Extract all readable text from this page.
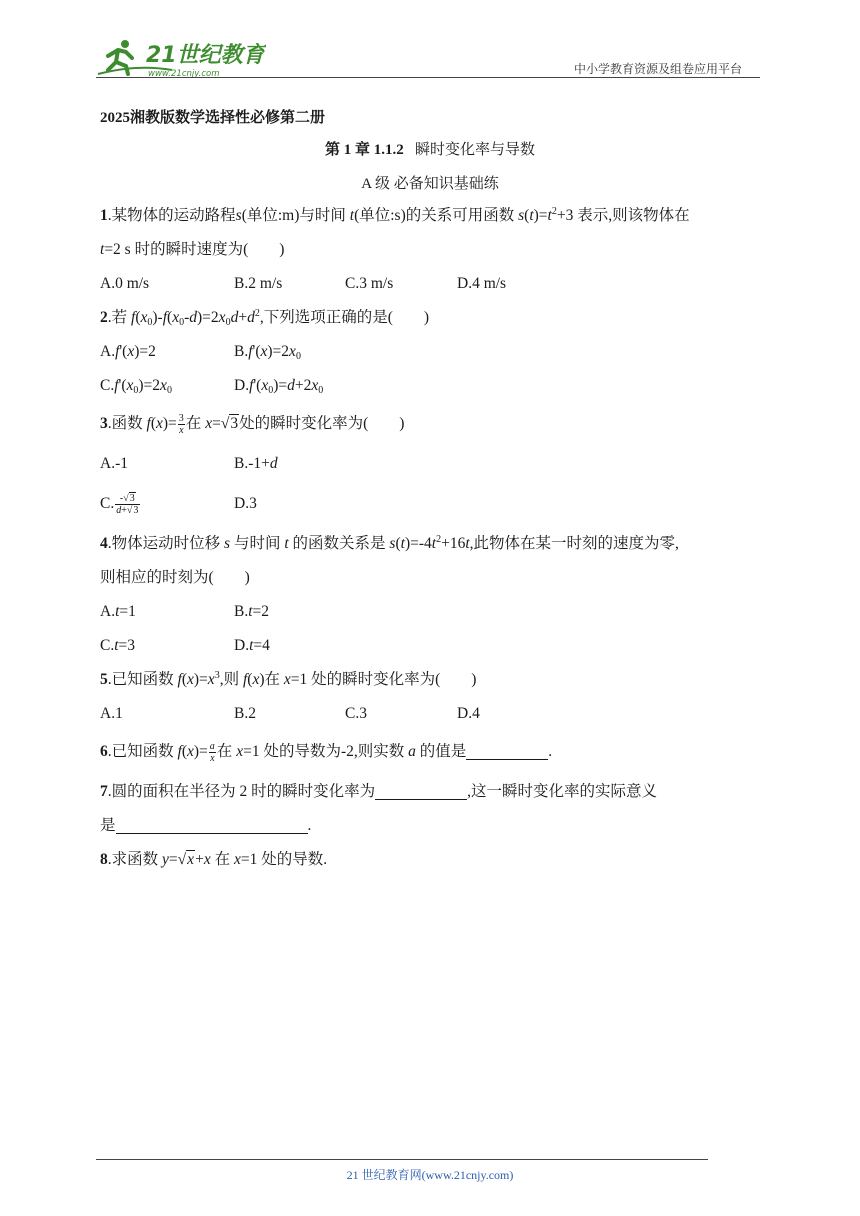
21世纪教育
www.21cnjy.com	中小学教育资源及组卷应用平台
2025湘教版数学选择性必修第二册
第 1 章 1.1.2 瞬时变化率与导数
A 级 必备知识基础练
1.某物体的运动路程s(单位:m)与时间 t(单位:s)的关系可用函数 $s(t)=t^2+3$ 表示,则该物体在
t=2 s 时的瞬时速度为(　　)
A.0 m/s	B.2 m/s	C.3 m/s	D.4 m/s
2.若 $f(x_0)-f(x_0-d)=2x_0d+d^2$,下列选项正确的是(　　)
A.f'(x)=2	$B.f'(x)=2x_0$
$C.f'(x_0)=2x_0$	$D.f'(x_0)=d+2x_0$
3.函数 $f(x)= \frac{3}{x}$ 在 x=√3处的瞬时变化率为(　　)
A.-1	B.-1+d
C. $\frac{-√3}{d+√3}$	D.3
4.物体运动时位移 s 与时间 t 的函数关系是 $s(t)=-4t^2+16t$,此物体在某一时刻的速度为零,
则相应的时刻为(　　)
A.t=1	B.t=2
C.t=3	D.t=4
5.已知函数 $f(x)=x^3$,则 f(x)在 x=1 处的瞬时变化率为(　　)
A.1	B.2	C.3	D.4
6.已知函数 $f(x)= \frac{a}{x}$ 在 x=1 处的导数为-2,则实数 a 的值是	.
7.圆的面积在半径为 2 时的瞬时变化率为	,这一瞬时变化率的实际意义
是	.
8.求函数 y=√x+x 在 x=1 处的导数.
21 世纪教育网(www.21cnjy.com)
